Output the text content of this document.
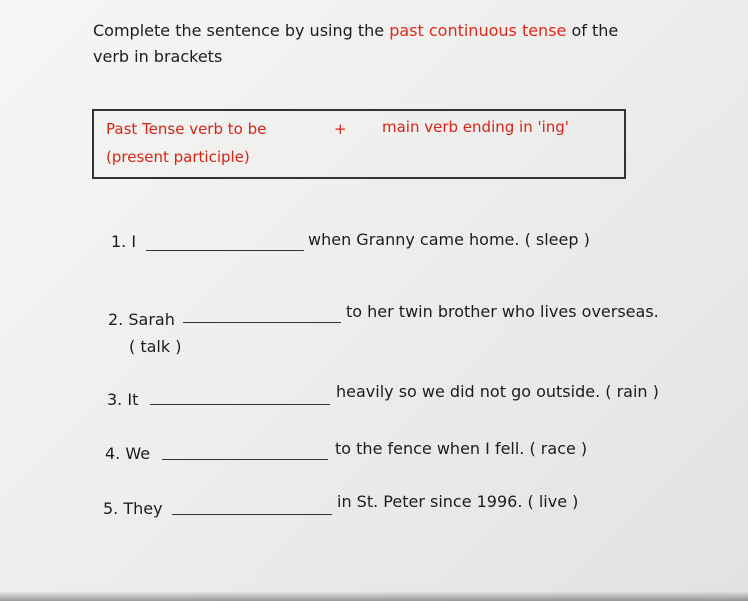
Complete the sentence by using the past continuous tense of the
verb in brackets
Past Tense verb to be	+ main verb ending in 'ing'
(present participle)
1. I	when Granny came home. ( sleep )
2. Sarah	to her twin brother who lives overseas.
( talk )
3. It	heavily so we did not go outside. ( rain )
4. We	to the fence when I fell. ( race )
5. They	in St. Peter since 1996. ( live )
